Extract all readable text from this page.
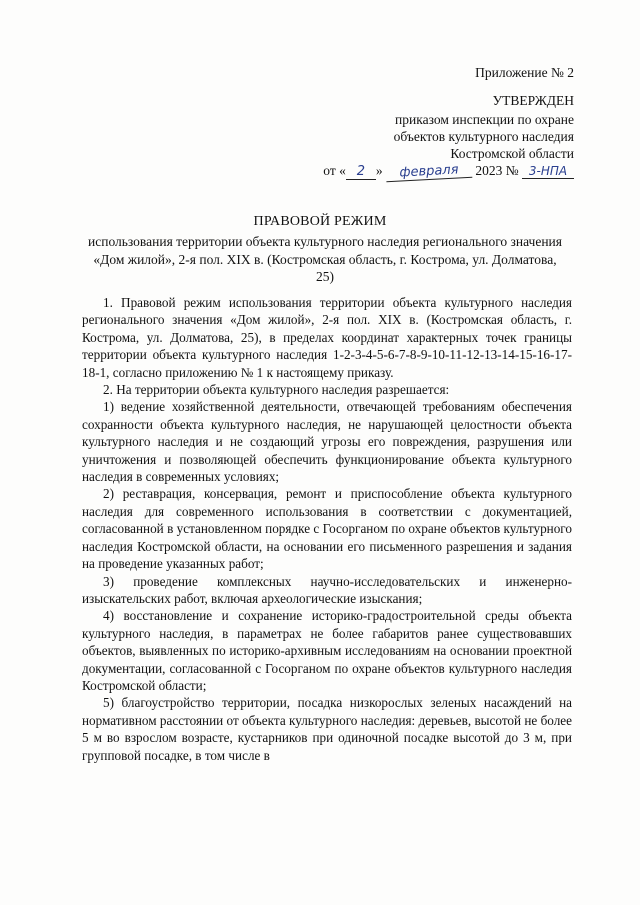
Приложение № 2
УТВЕРЖДЕН
приказом инспекции по охране
объектов культурного наследия
Костромской области
от « 2 » февраля 2023 № 3-НПА
ПРАВОВОЙ РЕЖИМ
использования территории объекта культурного наследия регионального значения «Дом жилой», 2-я пол. XIX в. (Костромская область, г. Кострома, ул. Долматова, 25)

1. Правовой режим использования территории объекта культурного наследия регионального значения «Дом жилой», 2-я пол. XIX в. (Костромская область, г. Кострома, ул. Долматова, 25), в пределах координат характерных точек границы территории объекта культурного наследия 1-2-3-4-5-6-7-8-9-10-11-12-13-14-15-16-17-18-1, согласно приложению № 1 к настоящему приказу.

2. На территории объекта культурного наследия разрешается:

1) ведение хозяйственной деятельности, отвечающей требованиям обеспечения сохранности объекта культурного наследия, не нарушающей целостности объекта культурного наследия и не создающий угрозы его повреждения, разрушения или уничтожения и позволяющей обеспечить функционирование объекта культурного наследия в современных условиях;

2) реставрация, консервация, ремонт и приспособление объекта культурного наследия для современного использования в соответствии с документацией, согласованной в установленном порядке с Госорганом по охране объектов культурного наследия Костромской области, на основании его письменного разрешения и задания на проведение указанных работ;

3) проведение комплексных научно-исследовательских и инженерно-изыскательских работ, включая археологические изыскания;

4) восстановление и сохранение историко-градостроительной среды объекта культурного наследия, в параметрах не более габаритов ранее существовавших объектов, выявленных по историко-архивным исследованиям на основании проектной документации, согласованной с Госорганом по охране объектов культурного наследия Костромской области;

5) благоустройство территории, посадка низкорослых зеленых насаждений на нормативном расстоянии от объекта культурного наследия: деревьев, высотой не более 5 м во взрослом возрасте, кустарников при одиночной посадке высотой до 3 м, при групповой посадке, в том числе в
